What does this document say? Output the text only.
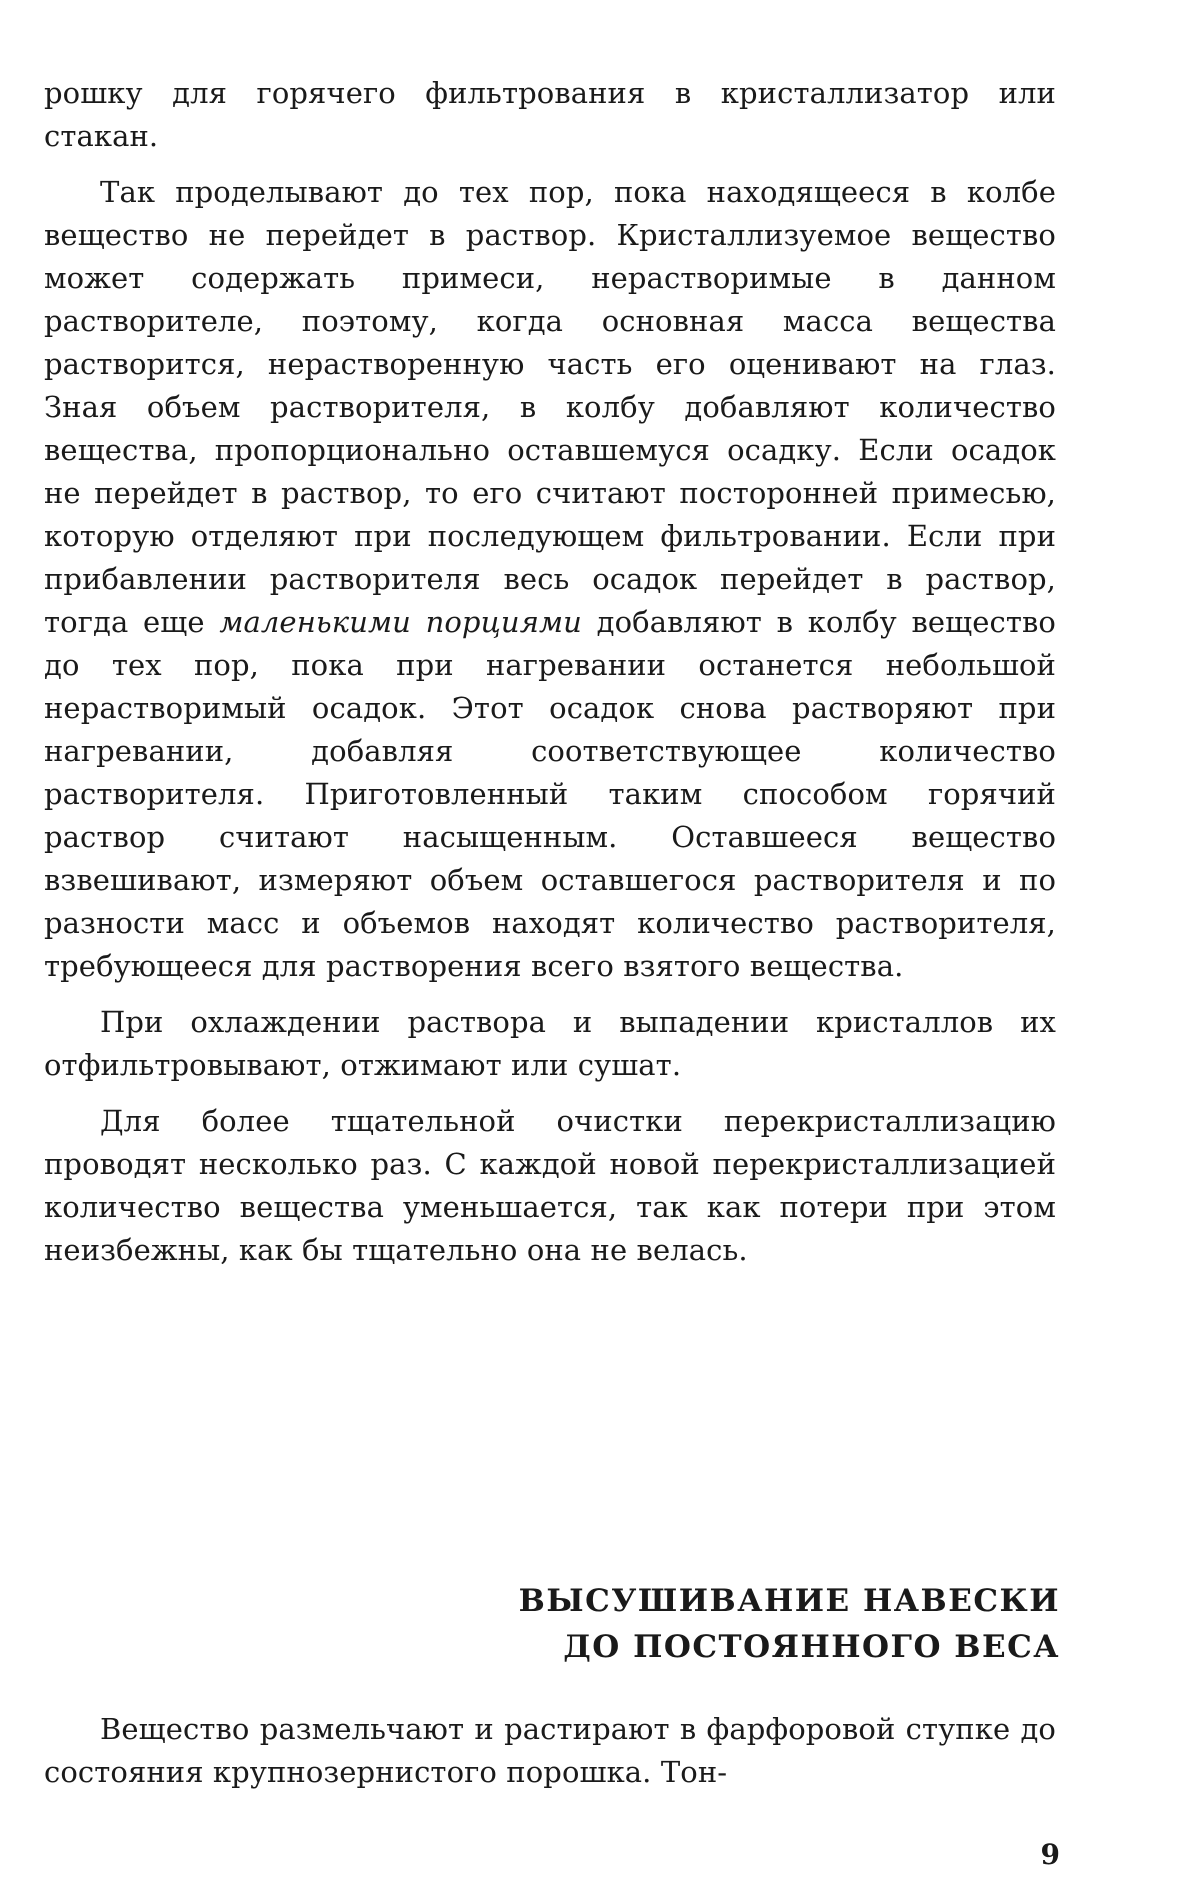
рошку для горячего фильтрования в кристаллизатор или стакан.

Так проделывают до тех пор, пока находящееся в колбе вещество не перейдет в раствор. Кристаллизуемое вещество может содержать примеси, нерастворимые в данном растворителе, поэтому, когда основная масса вещества растворится, нерастворенную часть его оценивают на глаз. Зная объем растворителя, в колбу добавляют количество вещества, пропорционально оставшемуся осадку. Если осадок не перейдет в раствор, то его считают посторонней примесью, которую отделяют при последующем фильтровании. Если при прибавлении растворителя весь осадок перейдет в раствор, тогда еще маленькими порциями добавляют в колбу вещество до тех пор, пока при нагревании останется небольшой нерастворимый осадок. Этот осадок снова растворяют при нагревании, добавляя соответствующее количество растворителя. Приготовленный таким способом горячий раствор считают насыщенным. Оставшееся вещество взвешивают, измеряют объем оставшегося растворителя и по разности масс и объемов находят количество растворителя, требующееся для растворения всего взятого вещества.

При охлаждении раствора и выпадении кристаллов их отфильтровывают, отжимают или сушат.

Для более тщательной очистки перекристаллизацию проводят несколько раз. С каждой новой перекристаллизацией количество вещества уменьшается, так как потери при этом неизбежны, как бы тщательно она не велась.

ВЫСУШИВАНИЕ НАВЕСКИ
ДО ПОСТОЯННОГО ВЕСА

Вещество размельчают и растирают в фарфоровой ступке до состояния крупнозернистого порошка. Тон-

9
